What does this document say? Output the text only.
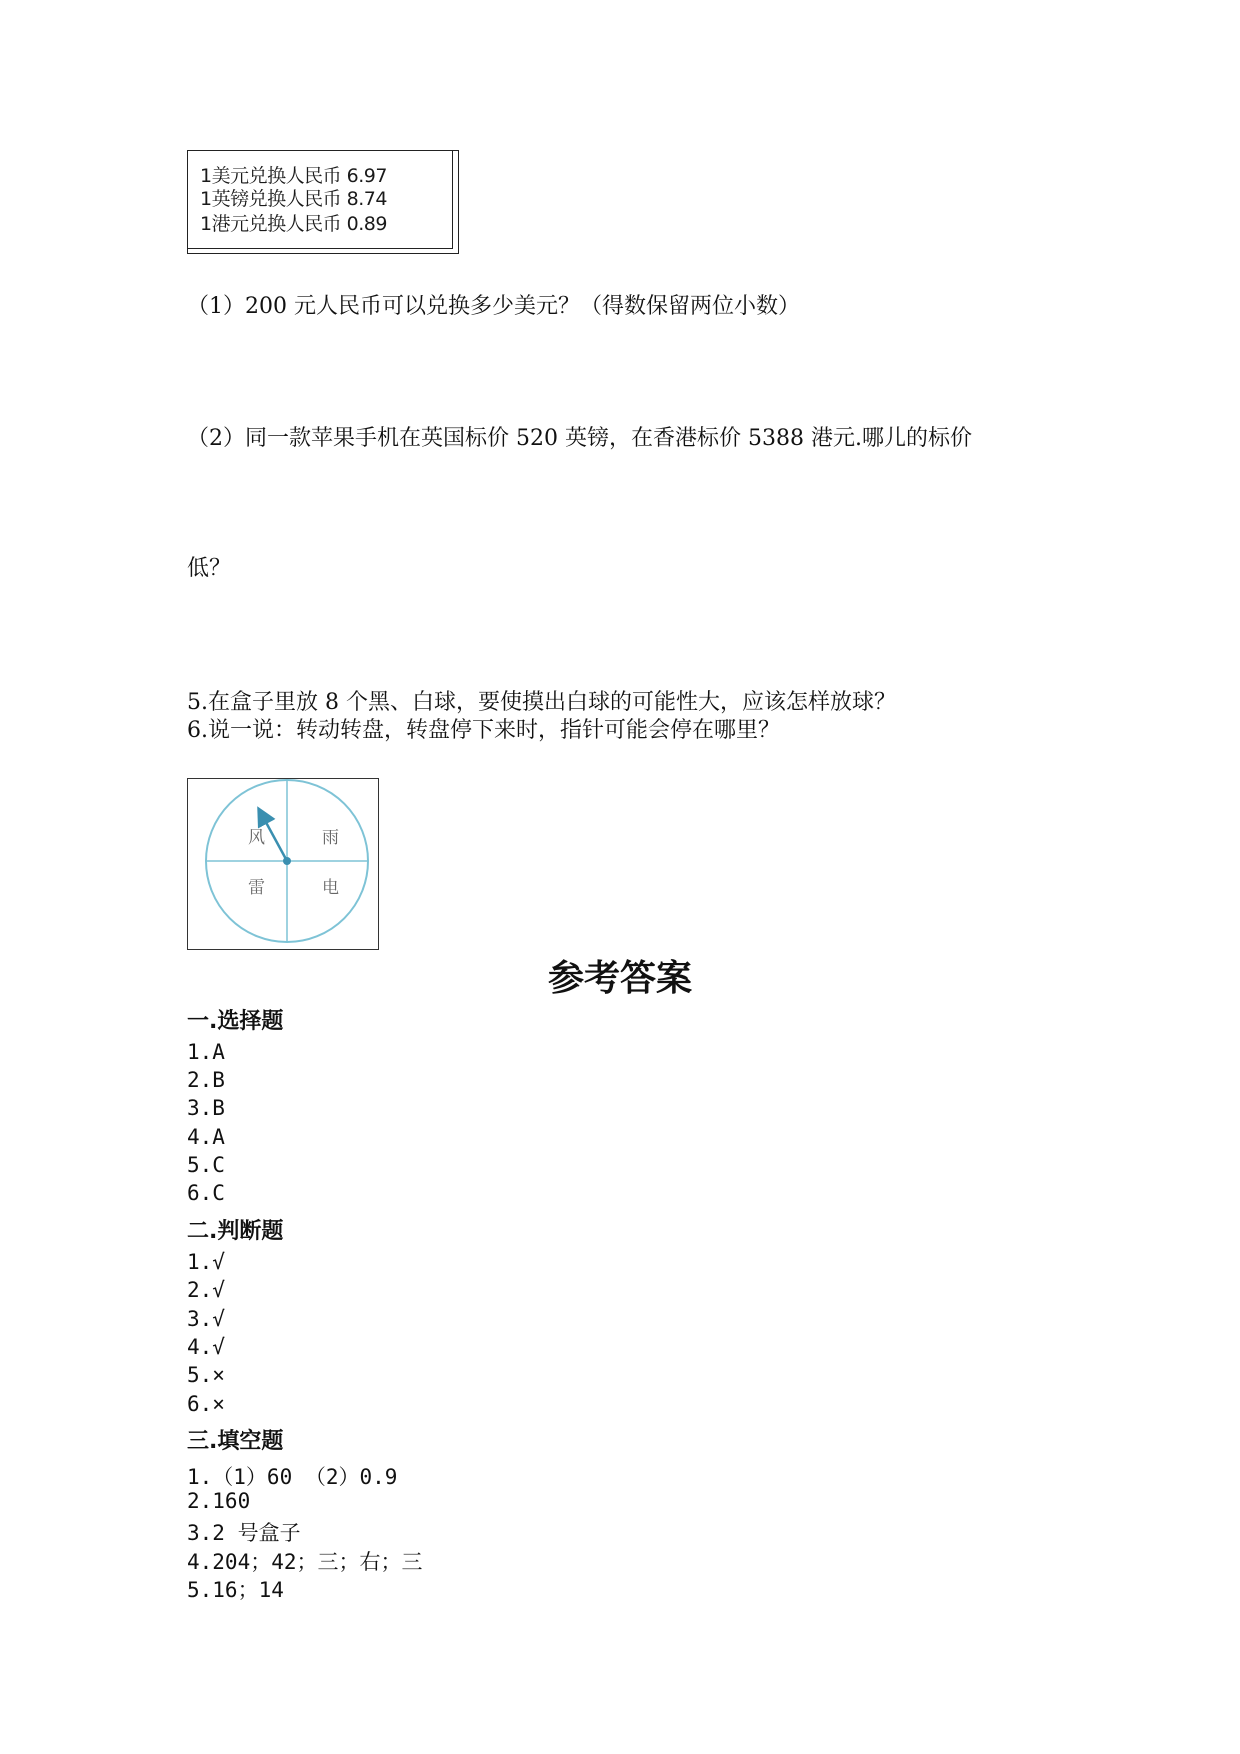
1美元兑换人民币 6.97
1英镑兑换人民币 8.74
1港元兑换人民币 0.89
（1）200 元人民币可以兑换多少美元？（得数保留两位小数）
（2）同一款苹果手机在英国标价 520 英镑，在香港标价 5388 港元.哪儿的标价
低？
5.在盒子里放 8 个黑、白球，要使摸出白球的可能性大，应该怎样放球？
6.说一说：转动转盘，转盘停下来时，指针可能会停在哪里？
风	雨
雷	电
参考答案
一.选择题
1.A
2.B
3.B
4.A
5.C
6.C
二.判断题
1.√
2.√
3.√
4.√
5.×
6.×
三.填空题
1.（1）60 （2）0.9
2.160
3.2 号盒子
4.204；42；三；右；三
5.16；14
